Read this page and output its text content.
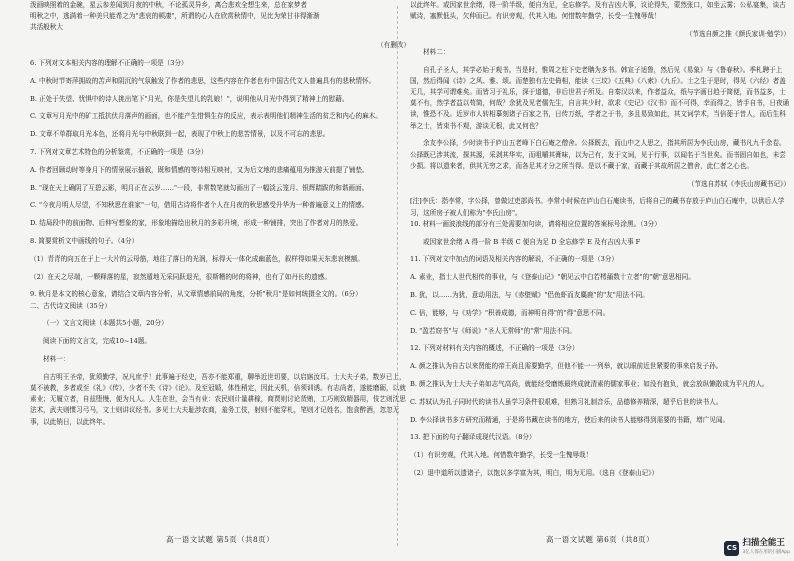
泼画映照着的金碗，星云参差闻到月夜的中秋，不论孤灵异乡，离合悲欢全想生来，总在家梦者

明秋之中，逃满着一种美只能希之为"悲哀的顿凄"，所谓的心人在欣赏秋情中，见比为荣甘非得渐渐

共活般秋大

（有删改）

6. 下列对文本相关内容的理解不正确的一项是（3分）

A. 中秋时节寄萍拥故的苦声和阴沉的气氛触发了作者的悲思，这些内容在作者也有中国古代文人普遍具有的悲秋情怀。

B. 正处于失望、忧惧中的诗人挑出笔下"月光，你是失望儿的乳娘！"，说明他从月光中得到了精神上的慰藉。

C. 文章写月光中的矿工抵抗伏月落声的画面，也不能产生惜惧生存的反应，表示表明他们精神生活的贫乏和内心的麻木。

D. 文章不单群取月光本色，还将月光与中秋联到一起，表现了中秋上的悲苦情景，以及不可忘的悲思。

7. 下列对文章艺术特色的分析鉴赏，不正确的一项是（3分）

A. 作者回顾动时等身月下的情景展示插叙，既和情感的等待相互映衬，又为后文地的悲痛蕴用为推游天前提了铺垫。

B. "现在天上确阴了互碧云影，明月正在云岁……"一段，非常数笔就勾画出了一幅淡云笼月、银辉踏跋的和谐画面。

C. "今夜月明人尽望，不知秋思在谁家"一句，借用古诗将作者个人在月夜的秋思感受升华为一种普遍意义上的情感。

D. 结局段中的前面物、后伸写想象的家，形象地描绘出秋月的多彩升境，形成一种铺排，突出了作者对月的热爱。

8. 简要赏析文中画线的句子。（4分）

（1）青青的向五在于上一大片的云母筋，地往了落日的光润，标得天一体化成幽蓝色，叙样得如果天东悲哀模额。

（2）在天之尽端，一颗释落的星，寂然遁地无采同跃退光，很斯糟的时的将神，也有了如丹长的遗感。

9. 秋月是本文的核心意象，请结合文章内容分析，从文章情感前局的角度，分析"秋月"是如何统摄全文的。（6分）

二、古代诗文阅读（35分）

（一）文言文阅读（本题共5小题，20分）

阅读下面的文言文，完成10~14题。

材料一：

自古明王圣帝，犹须勤学，况凡庶乎！此事遍于经史，吾亦不能郑重，聊举近世切要，以启寤汝耳。士大夫子弟，数岁已上，莫不被教，多者或至《礼》《传》，少者不失《诗》《论》。及至冠婚，体性稍定，因此天机，倍须训诱。有志尚者，遂能磨砺，以就素业；无履立者，自兹堕慢，便为凡人。人生在世，会当有业：农民则计量耕稼，商贾则讨论货贿，工巧则致精器用，伎艺则沈思法术，武夫则惯习弓马，文士则讲议经书。多见士大夫耻涉农商，羞务工伎，射则不能穿札，笔则才记姓名，饱食醉酒，忽忽无事，以此销日，以此终年。

高一语文试题 第5页（共8页）

以此终年。或因家世余绪，得一阶半级，便自为足，全忘修学。及有吉凶大事，议论得失，蒙然张口，如坐云雾；公私宴集，谈古赋诗，塞默低头，欠伸而已。有识旁观，代其入地。何惜数年勤学，长受一生愧辱哉！

（节选自颜之推《颜氏家训·勉学》）

材料二：

自孔子圣人，其学必始于观书。当是时，惟周之柱下史老聃为多书。韩宣子适鲁，然后见《易象》与《鲁春秋》。季札聘于上国，然后得闻《诗》之风、雅、颂。而楚独有左史倚相，能读《三坟》《五典》《八索》《九丘》。士之生于是时，得见《六经》者盖无几，其学可谓难矣。而皆习于礼乐，深于道德，非后世君子所及。自秦汉以来，作者益众，纸与字画日趋于简便，而书益多，士莫不有，然学者益以苟简，何哉？余犹及见老儒先生，自言其少时，欲求《史记》《汉书》而不可得，幸而得之，皆手自书，日夜诵读，惟恐不及。近岁市人转相摹刻诸子百家之书，日传万纸，学者之于书，多且易致如此，其文词学术，当倍蓰于昔人，而后生科举之士，皆束书不观，游谈无根，此又何也？

余友李公择，少时读书于庐山五老峰下白石庵之僧舍。公择既去，而山中之人思之，指其所居为李氏山房，藏书凡九千余卷。公择既已涉其流，探其源，采剥其华实，而咀嚼其膏味，以为己有，发于文词，见于行事，以闻名于当世矣。而书固自如也，未尝少损。将以遗来者，供其无穷之求，而各足其才分之所当得。是以不藏于家，而藏于其故所居之僧舍，此仁者之心也。

（节选自苏轼《李氏山房藏书记》）

[注]李氏：指李常，字公择，曾做过吏部尚书。李常小时候在庐山白石庵读书，后将自己的藏书存放于庐山白石庵中，以供后人学习，这所房子被人们称为"李氏山房"。

10. 材料一画波浪线的部分有三处需要加句读，请将相应位置的答案标号涂黑。（3分）

或因家世余绪 A 得一阶 B 半级 C 便自为足 D 全忘修学 E 及有吉凶大事 F

11. 下列对文中加点的词语及相关内容的解说，不正确的一项是（3分）

A. 素业，指士人世代相传的事业，与《登泰山记》"朝见云中白若樗蒱数十立者"的"朝"意思相同。

B. 犹，以……为犹，意动用法，与《赤壁赋》"侣鱼虾而友麋鹿"的"友"用法不同。

C. 倍，能够，与《劝学》"积善成德，而神明自得"的"得"意思不同。

D. "盈若窃书"与《师说》"圣人无常师"的"常"用法不同。

12. 下列对材料有关内容的概述，不正确的一项是（3分）

A. 颜之推认为自古以来贤能的帝王尚且需要勤学，但他不能一一列举，就以眼前近世紧要的事来启发子孙。

B. 颜之推认为士大夫子弟如志气高尚，就能经受磨炼最终成就清素的儒家事业；如没有抱负，就会放纵懒散成为平凡的人。

C. 苏轼认为孔子同时代的读书人虽学习条件很艰难，但熟习礼制音乐，品德修养精深，超乎后世的读书人。

D. 李公择读书多方研究而精通，于是将书藏在读书的地方，使后来的读书人能够得到需要的书籍，增广见闻。

13. 把下面的句子翻译成现代汉语。（8分）

（1）有识旁观，代其入地。何惜数年勤学，长受一生愧辱哉！

（2）退中道所以遗诸子，以饱以多学富为其，明白，明为无用。（选自《登泰山记》）

高一语文试题 第6页（共8页）
CS 扫描全能王
3亿人都在用的扫描App
